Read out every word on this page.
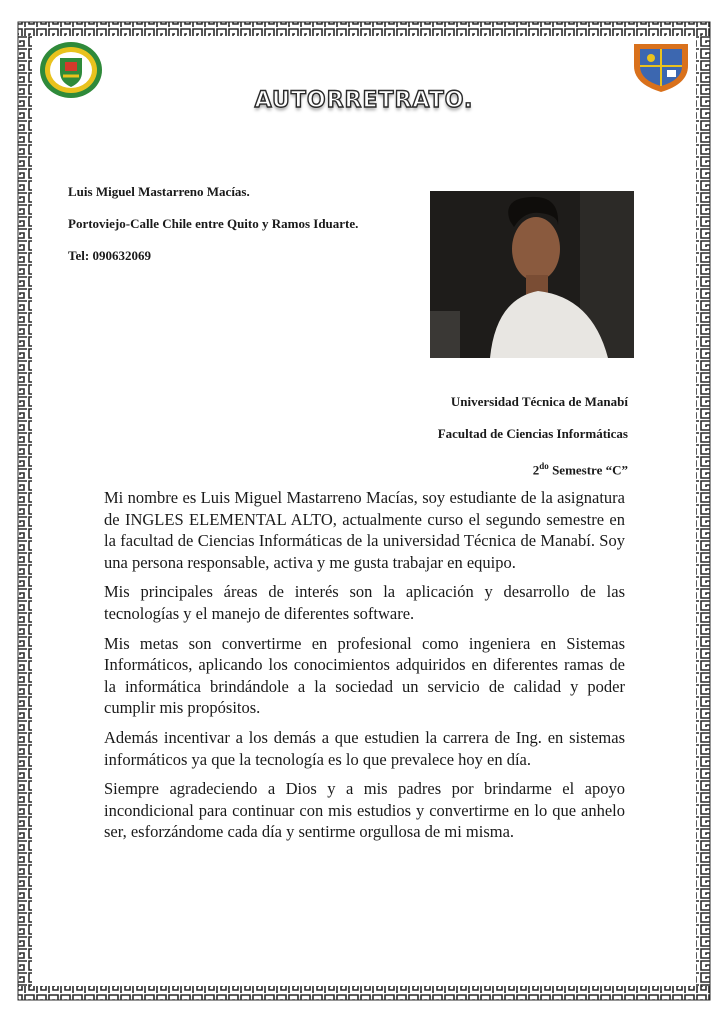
AUTORRETRATO.

Luis Miguel Mastarreno Macías.

Portoviejo-Calle Chile entre Quito y Ramos Iduarte.

Tel: 090632069

Universidad Técnica de Manabí

Facultad de Ciencias Informáticas

$2^{do}$ Semestre “C”

Mi nombre es Luis Miguel Mastarreno Macías, soy estudiante de la asignatura de INGLES ELEMENTAL ALTO, actualmente curso el segundo semestre en la facultad de Ciencias Informáticas de la universidad Técnica de Manabí. Soy una persona responsable, activa y me gusta trabajar en equipo.

Mis principales áreas de interés son la aplicación y desarrollo de las tecnologías y el manejo de diferentes software.

Mis metas son convertirme en profesional como ingeniera en Sistemas Informáticos, aplicando los conocimientos adquiridos en diferentes ramas de la informática brindándole a la sociedad un servicio de calidad y poder cumplir mis propósitos.

Además incentivar a los demás a que estudien la carrera de Ing. en sistemas informáticos ya que la tecnología es lo que prevalece hoy en día.

Siempre agradeciendo a Dios y a mis padres por brindarme el apoyo incondicional para continuar con mis estudios y convertirme en lo que anhelo ser, esforzándome cada día y sentirme orgullosa de mi misma.
